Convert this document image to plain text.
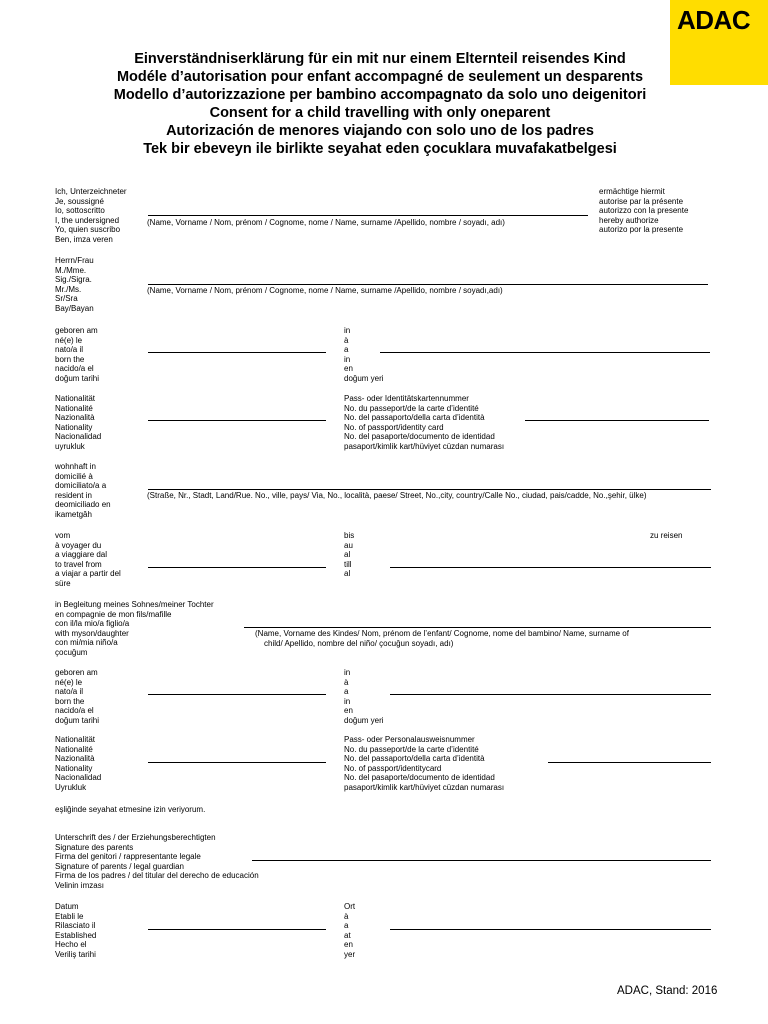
ADAC
Einverständniserklärung für ein mit nur einem Elternteil reisendes Kind
Modéle d’autorisation pour enfant accompagné de seulement un desparents
Modello d’autorizzazione per bambino accompagnato da solo uno deigenitori
Consent for a child travelling with only oneparent
Autorización de menores viajando con solo uno de los padres
Tek bir ebeveyn ile birlikte seyahat eden çocuklara muvafakatbelgesi
Ich, Unterzeichneter
Je, soussigné
Io, sottoscritto
I, the undersigned
Yo, quien suscribo
Ben, imza veren
(Name, Vorname / Nom, prénom / Cognome, nome / Name, surname /Apellido, nombre / soyadı, adı)
ermächtige hiermit
autorise par la présente
autorizzo con la presente
hereby authorize
autorizo por la presente
Herrn/Frau
M./Mme.
Sig./Sigra.
Mr./Ms.
Sr/Sra
Bay/Bayan
(Name, Vorname / Nom, prénom / Cognome, nome / Name, surname /Apellido, nombre / soyadı,adı)
geboren am
né(e) le
nato/a il
born the
nacido/a el
doğum tarihi
in
à
a
in
en
doğum yeri
Nationalität
Nationalité
Nazionalità
Nationality
Nacionalidad
uyrukluk
Pass- oder Identitätskartennummer
No. du passeport/de la carte d’identité
No. del passaporto/della carta d’identità
No. of passport/identity card
No. del pasaporte/documento de identidad
pasaport/kimlik kart/hüviyet cüzdan numarası
wohnhaft in
domicilié à
domiciliato/a a
resident in
deomiciliado en
ikametgâh
(Straße, Nr., Stadt, Land/Rue. No., ville, pays/ Via, No., località, paese/ Street, No.,city, country/Calle No., ciudad, pais/cadde, No.,şehir, ülke)
vom
à voyager du
a viaggiare dal
to travel from
a viajar a partir del
süre
bis
au
al
till
al
zu reisen
in Begleitung meines Sohnes/meiner Tochter
en compagnie de mon fils/mafille
con il/la mio/a figlio/a
with myson/daughter
con mi/mia niño/a
çocuğum
(Name, Vorname des Kindes/ Nom, prénom de l’enfant/ Cognome, nome del bambino/ Name, surname of
child/ Apellido, nombre del niño/ çocuğun soyadı, adı)
geboren am
né(e) le
nato/a il
born the
nacido/a el
doğum tarihi
in
à
a
in
en
doğum yeri
Nationalität
Nationalité
Nazionalità
Nationality
Nacionalidad
Uyrukluk
Pass- oder Personalausweisnummer
No. du passeport/de la carte d’identité
No. del passaporto/della carta d’identità
No. of passport/identitycard
No. del pasaporte/documento de identidad
pasaport/kimlik kart/hüviyet cüzdan numarası
eşliğinde seyahat etmesine izin veriyorum.
Unterschrift des / der Erziehungsberechtigten
Signature des parents
Firma del genitori / rappresentante legale
Signature of parents / legal guardian
Firma de los padres / del titular del derecho de educación
Velinin imzası
Datum
Etabli le
Rilasciato il
Established
Hecho el
Veriliş tarihi
Ort
à
a
at
en
yer
ADAC, Stand: 2016
